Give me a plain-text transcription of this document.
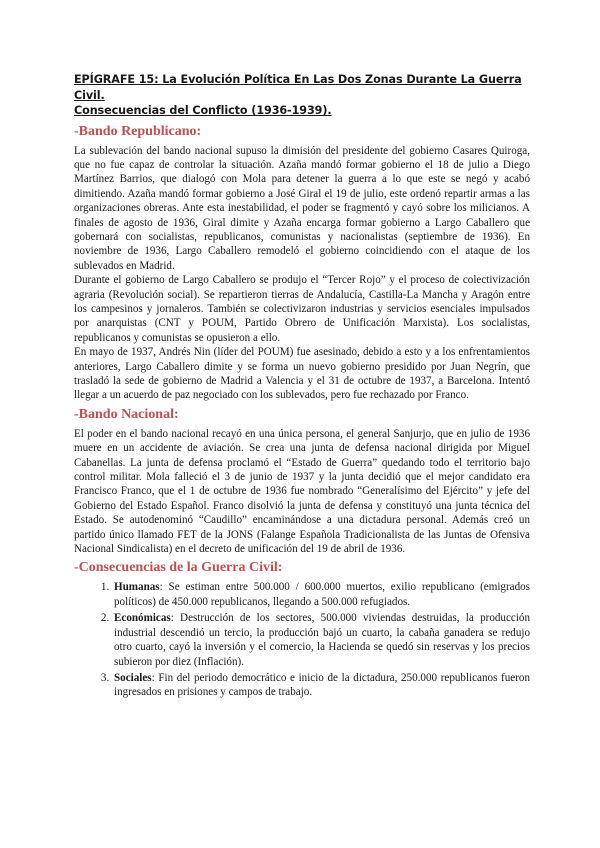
EPÍGRAFE 15: La Evolución Política En Las Dos Zonas Durante La Guerra Civil.
Consecuencias del Conflicto (1936-1939).
-Bando Republicano:

La sublevación del bando nacional supuso la dimisión del presidente del gobierno Casares Quiroga, que no fue capaz de controlar la situación. Azaña mandó formar gobierno el 18 de julio a Diego Martínez Barrios, que dialogó con Mola para detener la guerra a lo que este se negó y acabó dimitiendo. Azaña mandó formar gobierno a José Giral el 19 de julio, este ordenó repartir armas a las organizaciones obreras. Ante esta inestabilidad, el poder se fragmentó y cayó sobre los milicianos. A finales de agosto de 1936, Giral dimite y Azaña encarga formar gobierno a Largo Caballero que gobernará con socialistas, republicanos, comunistas y nacionalistas (septiembre de 1936). En noviembre de 1936, Largo Caballero remodeló el gobierno coincidiendo con el ataque de los sublevados en Madrid.

Durante el gobierno de Largo Caballero se produjo el “Tercer Rojo” y el proceso de colectivización agraria (Revolución social). Se repartieron tierras de Andalucía, Castilla-La Mancha y Aragón entre los campesinos y jornaleros. También se colectivizaron industrias y servicios esenciales impulsados por anarquistas (CNT y POUM, Partido Obrero de Unificación Marxista). Los socialistas, republicanos y comunistas se opusieron a ello.

En mayo de 1937, Andrés Nin (líder del POUM) fue asesinado, debido a esto y a los enfrentamientos anteriores, Largo Caballero dimite y se forma un nuevo gobierno presidido por Juan Negrín, que trasladó la sede de gobierno de Madrid a Valencia y el 31 de octubre de 1937, a Barcelona. Intentó llegar a un acuerdo de paz negociado con los sublevados, pero fue rechazado por Franco.

-Bando Nacional:

El poder en el bando nacional recayó en una única persona, el general Sanjurjo, que en julio de 1936 muere en un accidente de aviación. Se crea una junta de defensa nacional dirigida por Miguel Cabanellas. La junta de defensa proclamó el “Estado de Guerra” quedando todo el territorio bajo control militar. Mola falleció el 3 de junio de 1937 y la junta decidió que el mejor candidato era Francisco Franco, que el 1 de octubre de 1936 fue nombrado “Generalísimo del Ejército” y jefe del Gobierno del Estado Español. Franco disolvió la junta de defensa y constituyó una junta técnica del Estado. Se autodenominó “Caudillo” encaminándose a una dictadura personal. Además creó un partido único llamado FET de la JONS (Falange Española Tradicionalista de las Juntas de Ofensiva Nacional Sindicalista) en el decreto de unificación del 19 de abril de 1936.

-Consecuencias de la Guerra Civil:
1. Humanas: Se estiman entre 500.000 / 600.000 muertos, exilio republicano (emigrados políticos) de 450.000 republicanos, llegando a 500.000 refugiados.
2. Económicas: Destrucción de los sectores, 500.000 viviendas destruidas, la producción industrial descendió un tercio, la producción bajó un cuarto, la cabaña ganadera se redujo otro cuarto, cayó la inversión y el comercio, la Hacienda se quedó sin reservas y los precios subieron por diez (Inflación).
3. Sociales: Fin del periodo democrático e inicio de la dictadura, 250.000 republicanos fueron ingresados en prisiones y campos de trabajo.
